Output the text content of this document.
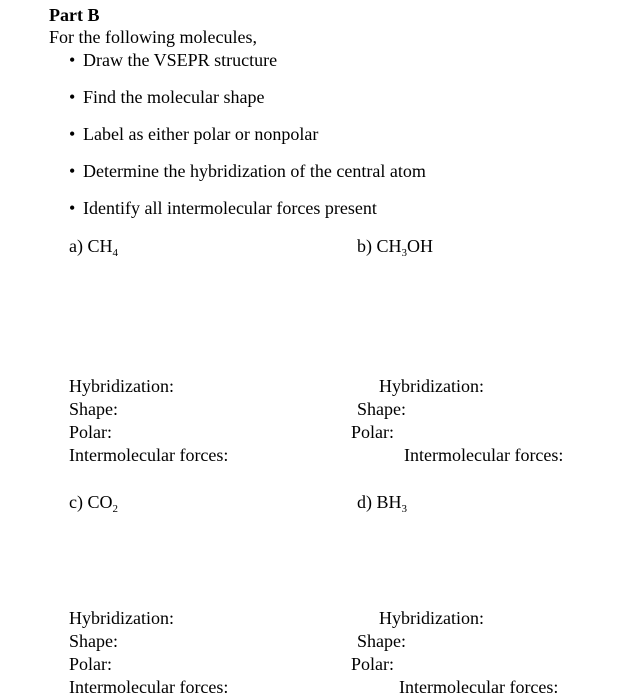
Part B
For the following molecules,
• Draw the VSEPR structure
• Find the molecular shape
• Label as either polar or nonpolar
• Determine the hybridization of the central atom
• Identify all intermolecular forces present
a) $CH_4$	b) $CH_3OH$
Hybridization:
Shape:
Polar:
Intermolecular forces:
Hybridization:
Shape:
Polar:
Intermolecular forces:
c) $CO_2$	d) $BH_3$
Hybridization:
Shape:
Polar:
Intermolecular forces:
Hybridization:
Shape:
Polar:
Intermolecular forces:
